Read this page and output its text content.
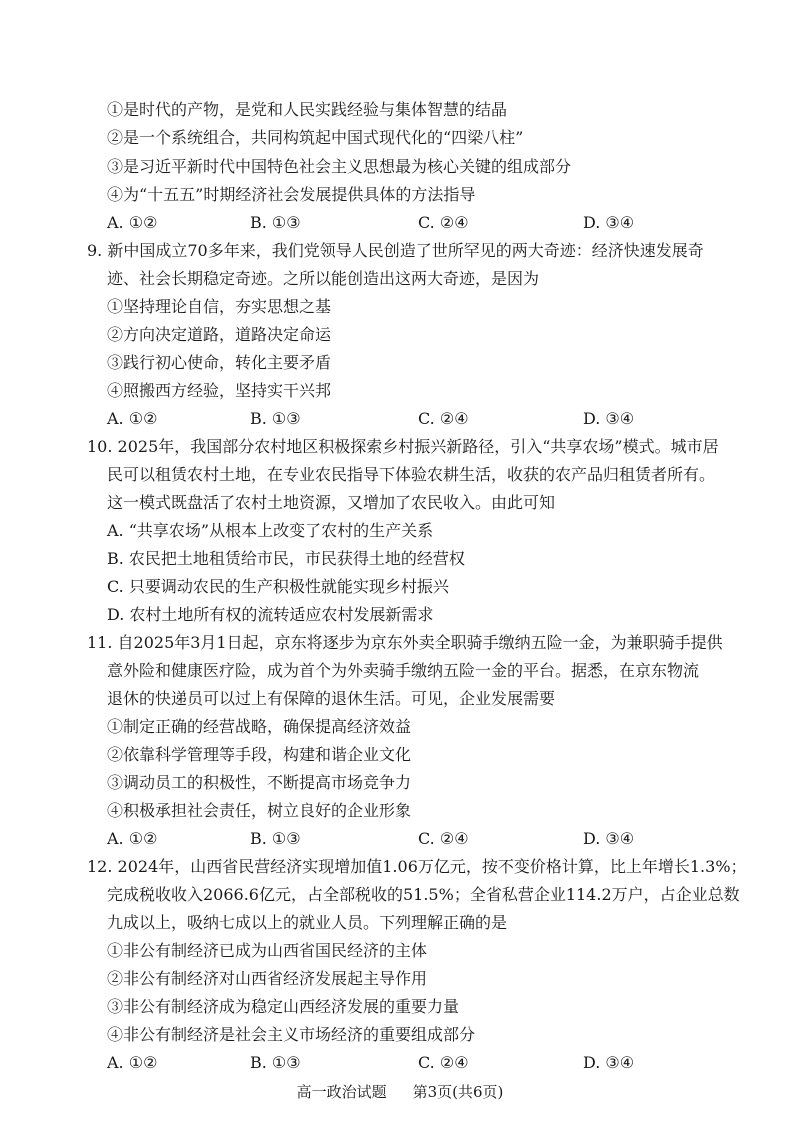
①是时代的产物，是党和人民实践经验与集体智慧的结晶
②是一个系统组合，共同构筑起中国式现代化的“四梁八柱”
③是习近平新时代中国特色社会主义思想最为核心关键的组成部分
④为“十五五”时期经济社会发展提供具体的方法指导
A. ①②	B. ①③	C. ②④	D. ③④
9. 新中国成立70多年来，我们党领导人民创造了世所罕见的两大奇迹：经济快速发展奇
迹、社会长期稳定奇迹。之所以能创造出这两大奇迹，是因为
①坚持理论自信，夯实思想之基
②方向决定道路，道路决定命运
③践行初心使命，转化主要矛盾
④照搬西方经验，坚持实干兴邦
A. ①②	B. ①③	C. ②④	D. ③④
10. 2025年，我国部分农村地区积极探索乡村振兴新路径，引入“共享农场”模式。城市居
民可以租赁农村土地，在专业农民指导下体验农耕生活，收获的农产品归租赁者所有。
这一模式既盘活了农村土地资源，又增加了农民收入。由此可知
A. “共享农场”从根本上改变了农村的生产关系
B. 农民把土地租赁给市民，市民获得土地的经营权
C. 只要调动农民的生产积极性就能实现乡村振兴
D. 农村土地所有权的流转适应农村发展新需求
11. 自2025年3月1日起，京东将逐步为京东外卖全职骑手缴纳五险一金，为兼职骑手提供
意外险和健康医疗险，成为首个为外卖骑手缴纳五险一金的平台。据悉，在京东物流
退休的快递员可以过上有保障的退休生活。可见，企业发展需要
①制定正确的经营战略，确保提高经济效益
②依靠科学管理等手段，构建和谐企业文化
③调动员工的积极性，不断提高市场竞争力
④积极承担社会责任，树立良好的企业形象
A. ①②	B. ①③	C. ②④	D. ③④
12. 2024年，山西省民营经济实现增加值1.06万亿元，按不变价格计算，比上年增长1.3%；
完成税收收入2066.6亿元，占全部税收的51.5%；全省私营企业114.2万户，占企业总数
九成以上，吸纳七成以上的就业人员。下列理解正确的是
①非公有制经济已成为山西省国民经济的主体
②非公有制经济对山西省经济发展起主导作用
③非公有制经济成为稳定山西经济发展的重要力量
④非公有制经济是社会主义市场经济的重要组成部分
A. ①②	B. ①③	C. ②④	D. ③④
高一政治试题 第3页(共6页)
